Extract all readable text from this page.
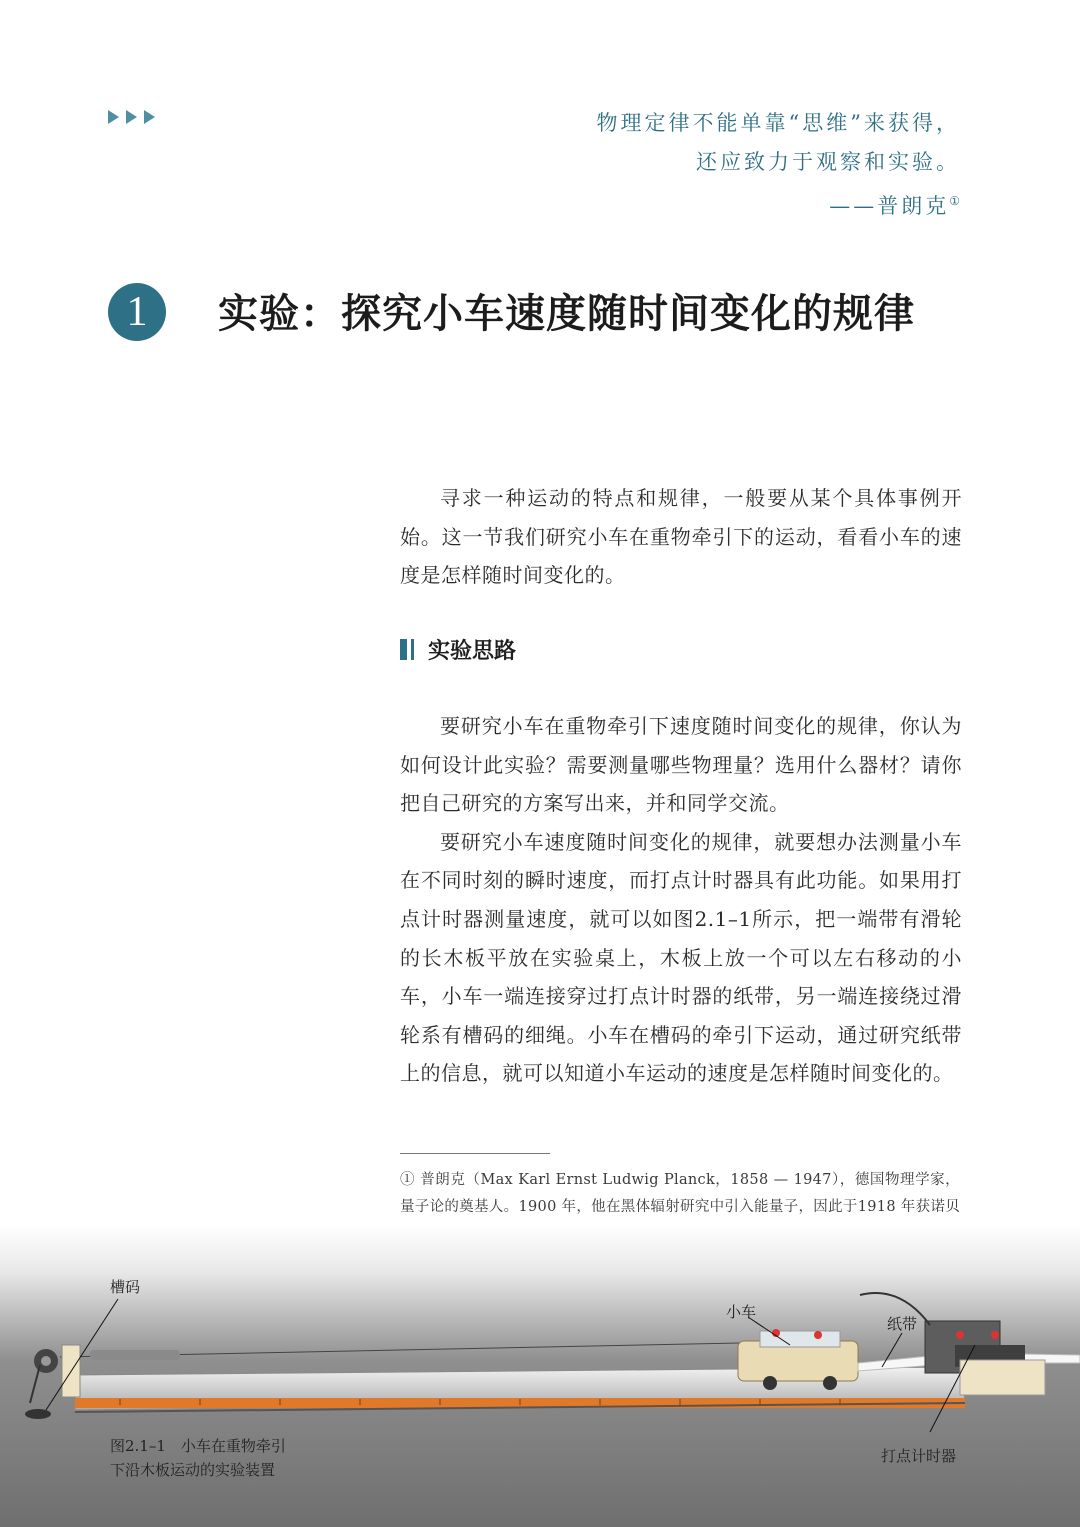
物理定律不能单靠“思维”来获得，
还应致力于观察和实验。
——普朗克①
1	实验：探究小车速度随时间变化的规律

寻求一种运动的特点和规律，一般要从某个具体事例开始。这一节我们研究小车在重物牵引下的运动，看看小车的速度是怎样随时间变化的。

实验思路

要研究小车在重物牵引下速度随时间变化的规律，你认为如何设计此实验？需要测量哪些物理量？选用什么器材？请你把自己研究的方案写出来，并和同学交流。

要研究小车速度随时间变化的规律，就要想办法测量小车在不同时刻的瞬时速度，而打点计时器具有此功能。如果用打点计时器测量速度，就可以如图2.1–1所示，把一端带有滑轮的长木板平放在实验桌上，木板上放一个可以左右移动的小车，小车一端连接穿过打点计时器的纸带，另一端连接绕过滑轮系有槽码的细绳。小车在槽码的牵引下运动，通过研究纸带上的信息，就可以知道小车运动的速度是怎样随时间变化的。

① 普朗克（Max Karl Ernst Ludwig Planck，1858 — 1947），德国物理学家，量子论的奠基人。1900 年，他在黑体辐射研究中引入能量子，因此于1918 年获诺贝
槽码
小车
纸带
打点计时器
图2.1–1　小车在重物牵引
下沿木板运动的实验装置
